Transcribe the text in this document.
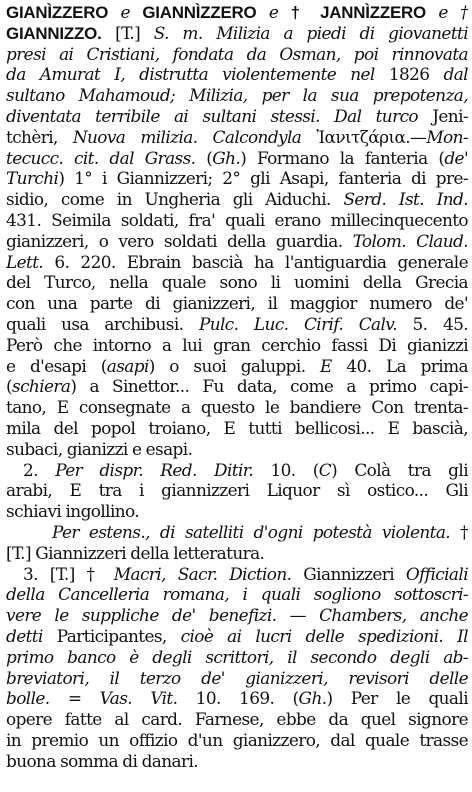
GIANÌZZERO e GIANNÌZZERO e † JANNÌZZERO e †
GIANNIZZO. [T.] S. m. Milizia a piedi di giovanetti
presi ai Cristiani, fondata da Osman, poi rinnovata
da Amurat I, distrutta violentemente nel 1826 dal
sultano Mahamoud; Milizia, per la sua prepotenza,
diventata terribile ai sultani stessi. Dal turco Jeni-
tchèri, Nuova milizia. Calcondyla Ἰανιτζάρια.—Mon-
tecucc. cit. dal Grass. (Gh.) Formano la fanteria (de'
Turchi) 1° i Giannizzeri; 2° gli Asapi, fanteria di pre-
sidio, come in Ungheria gli Aiduchi. Serd. Ist. Ind.
431. Seimila soldati, fra' quali erano millecinquecento
gianizzeri, o vero soldati della guardia. Tolom. Claud.
Lett. 6. 220. Ebrain bascià ha l'antiguardia generale
del Turco, nella quale sono li uomini della Grecia
con una parte di gianizzeri, il maggior numero de'
quali usa archibusi. Pulc. Luc. Cirif. Calv. 5. 45.
Però che intorno a lui gran cerchio fassi Di gianizzi
e d'esapi (asapi) o suoi galuppi. E 40. La prima
(schiera) a Sinettor... Fu data, come a primo capi-
tano, E consegnate a questo le bandiere Con trenta-
mila del popol troiano, E tutti bellicosi... E bascià,
subaci, gianizzi e esapi.
2. Per dispr. Red. Ditir. 10. (C) Colà tra gli
arabi, E tra i giannizzeri Liquor sì ostico... Gli
schiavi ingollino.
Per estens., di satelliti d'ogni potestà violenta. †
[T.] Giannizzeri della letteratura.
3. [T.] † Macri, Sacr. Diction. Giannizzeri Officiali
della Cancelleria romana, i quali sogliono sottoscri-
vere le suppliche de' benefizi. — Chambers, anche
detti Participantes, cioè ai lucri delle spedizioni. Il
primo banco è degli scrittori, il secondo degli ab-
breviatori, il terzo de' gianizzeri, revisori delle
bolle. = Vas. Vit. 10. 169. (Gh.) Per le quali
opere fatte al card. Farnese, ebbe da quel signore
in premio un offizio d'un gianizzero, dal quale trasse
buona somma di danari.
